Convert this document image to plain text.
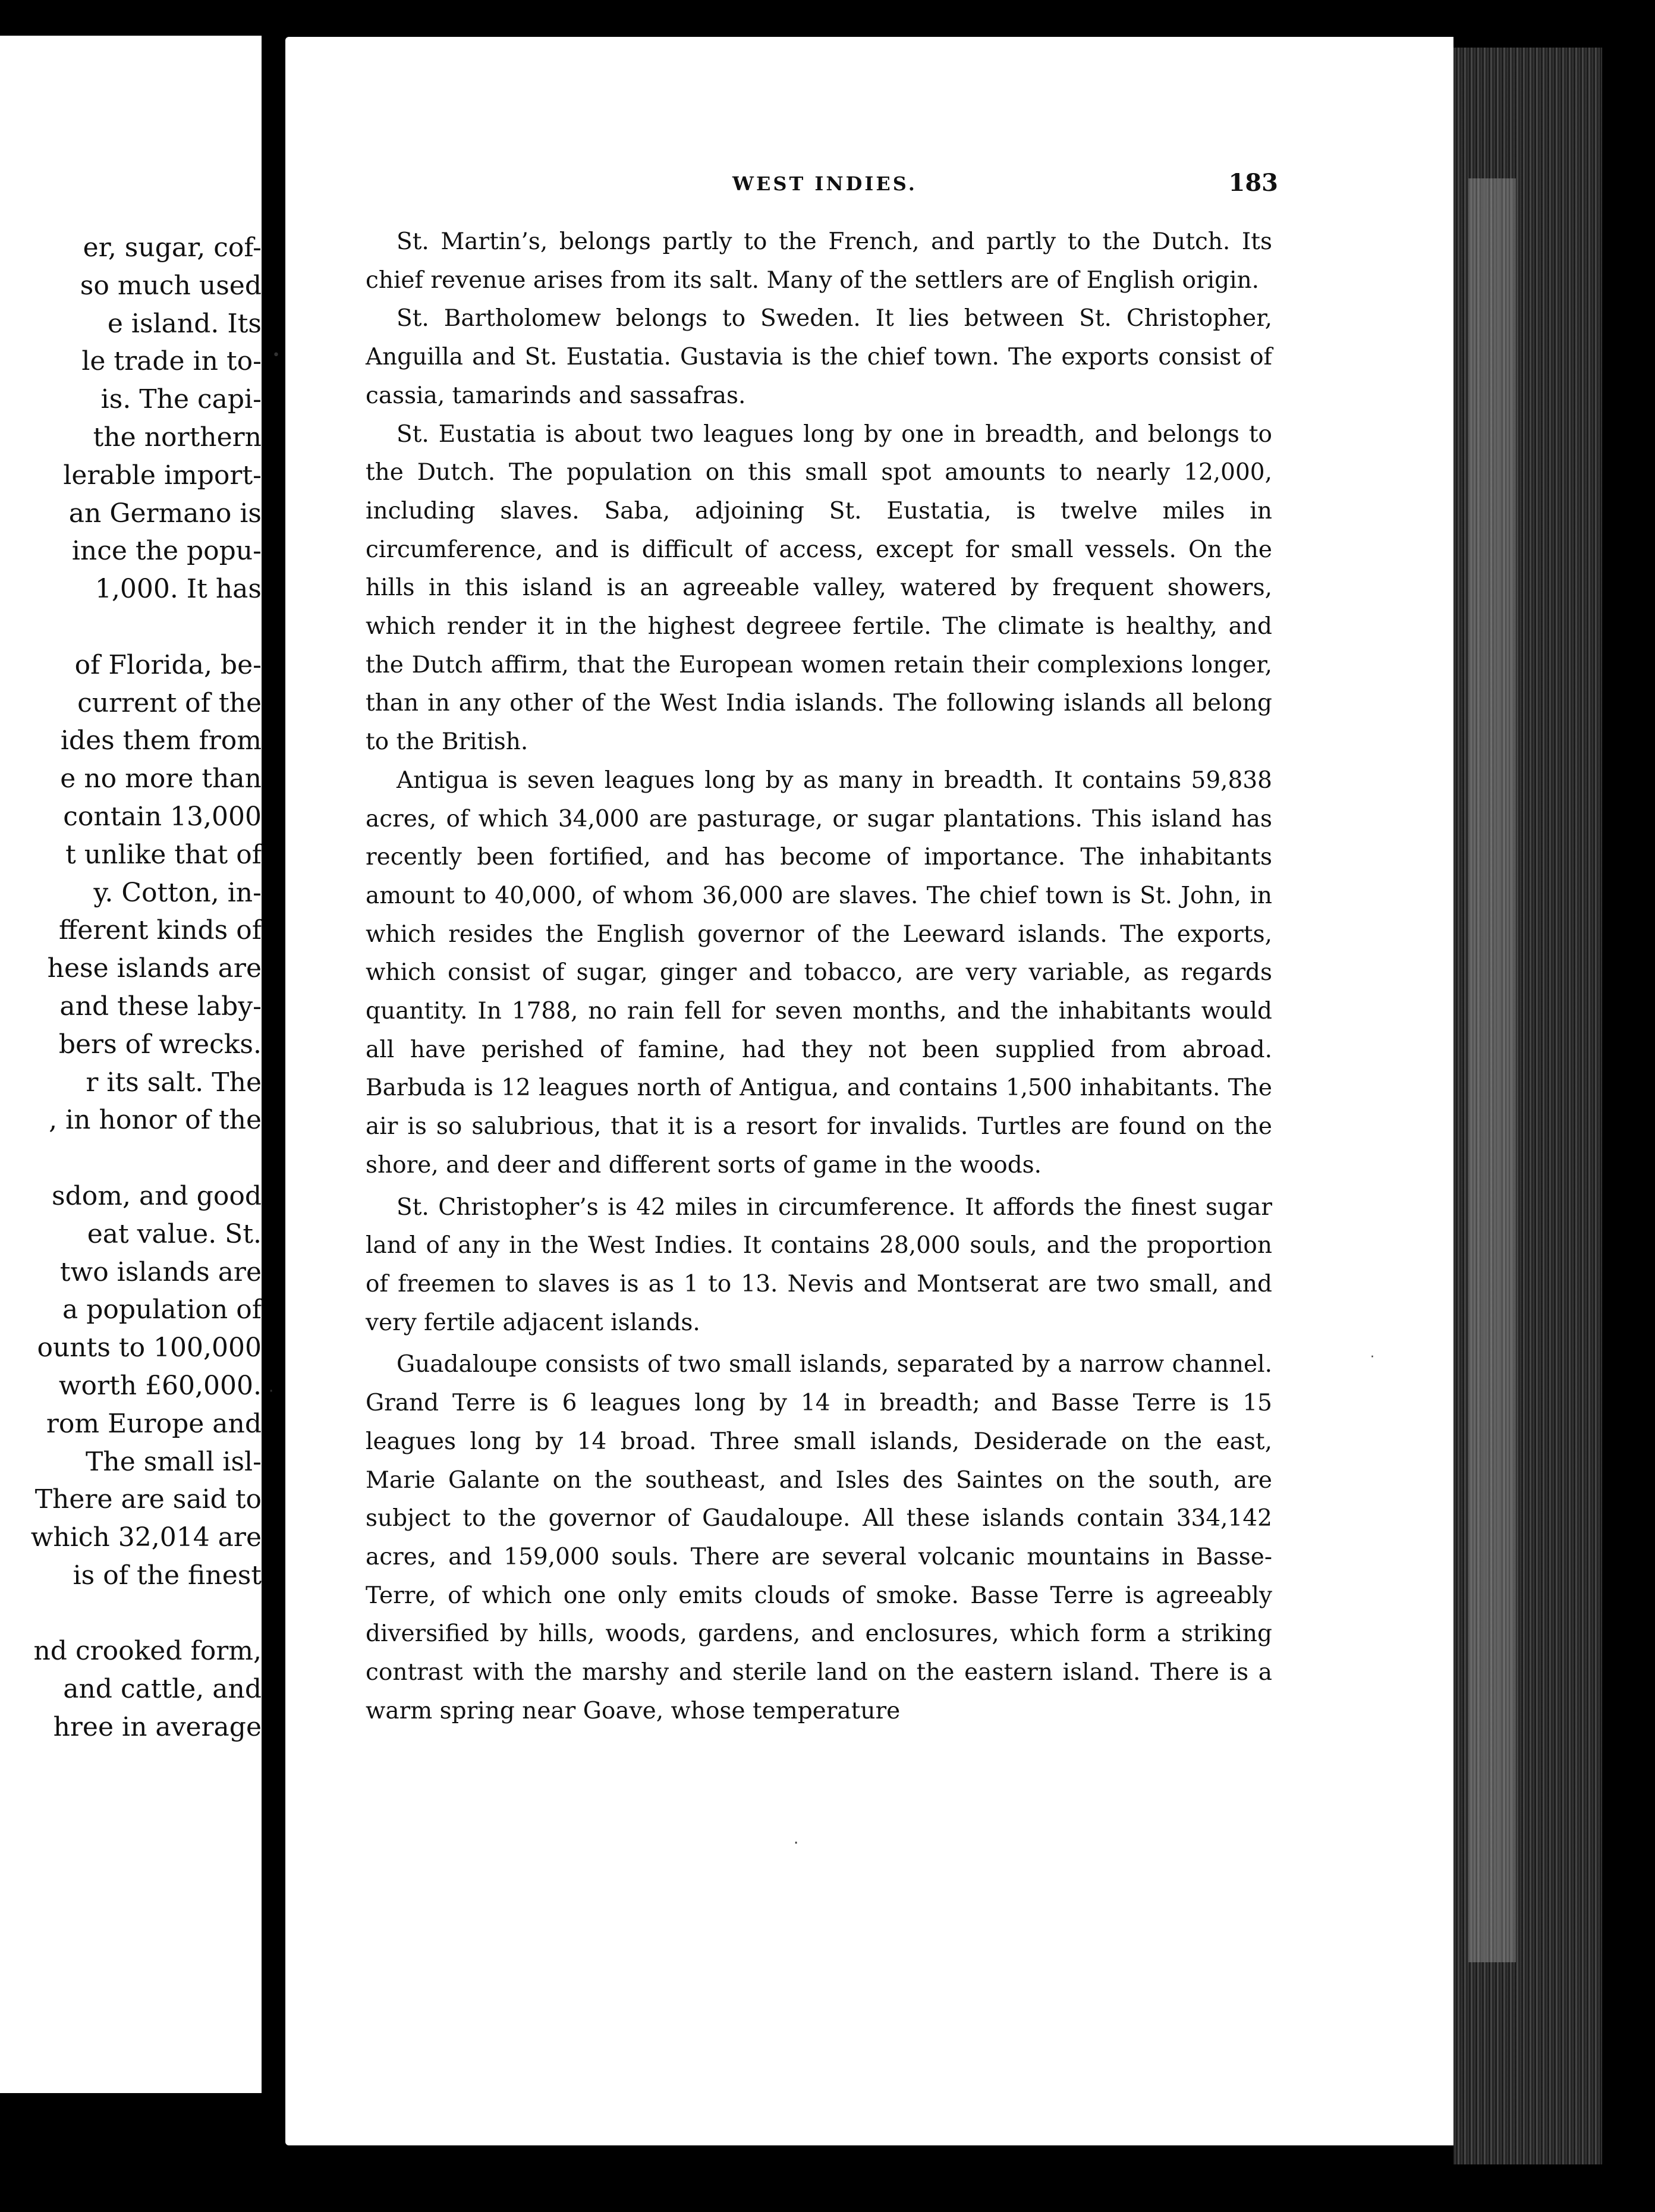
er, sugar, cof-
so much used
e island. Its
le trade in to-
is. The capi-
the northern
lerable import-
an Germano is
ince the popu-
1,000. It has
of Florida, be-
current of the
ides them from
e no more than
contain 13,000
t unlike that of
y. Cotton, in-
fferent kinds of
hese islands are
and these laby-
bers of wrecks.
r its salt. The
, in honor of the
sdom, and good
eat value. St.
two islands are
a population of
ounts to 100,000
worth £60,000.
rom Europe and
The small isl-
There are said to
which 32,014 are
is of the finest
nd crooked form,
and cattle, and
hree in average
WEST INDIES.	183

St. Martin’s, belongs partly to the French, and partly to the Dutch. Its chief revenue arises from its salt. Many of the settlers are of English origin.

St. Bartholomew belongs to Sweden. It lies between St. Christopher, Anguilla and St. Eustatia. Gustavia is the chief town. The exports consist of cassia, tamarinds and sassafras.

St. Eustatia is about two leagues long by one in breadth, and belongs to the Dutch. The population on this small spot amounts to nearly 12,000, including slaves. Saba, adjoining St. Eustatia, is twelve miles in circumference, and is difficult of access, except for small vessels. On the hills in this island is an agreeable valley, watered by frequent showers, which render it in the highest degreee fertile. The climate is healthy, and the Dutch affirm, that the European women retain their complexions longer, than in any other of the West India islands. The following islands all belong to the British.

Antigua is seven leagues long by as many in breadth. It contains 59,838 acres, of which 34,000 are pasturage, or sugar plantations. This island has recently been fortified, and has become of importance. The inhabitants amount to 40,000, of whom 36,000 are slaves. The chief town is St. John, in which resides the English governor of the Leeward islands. The exports, which consist of sugar, ginger and tobacco, are very variable, as regards quantity. In 1788, no rain fell for seven months, and the inhabitants would all have perished of famine, had they not been supplied from abroad. Barbuda is 12 leagues north of Antigua, and contains 1,500 inhabitants. The air is so salubrious, that it is a resort for invalids. Turtles are found on the shore, and deer and different sorts of game in the woods.

St. Christopher’s is 42 miles in circumference. It affords the finest sugar land of any in the West Indies. It contains 28,000 souls, and the proportion of freemen to slaves is as 1 to 13. Nevis and Montserat are two small, and very fertile adjacent islands.

Guadaloupe consists of two small islands, separated by a narrow channel. Grand Terre is 6 leagues long by 14 in breadth; and Basse Terre is 15 leagues long by 14 broad. Three small islands, Desiderade on the east, Marie Galante on the southeast, and Isles des Saintes on the south, are subject to the governor of Gaudaloupe. All these islands contain 334,142 acres, and 159,000 souls. There are several volcanic mountains in Basse-Terre, of which one only emits clouds of smoke. Basse Terre is agreeably diversified by hills, woods, gardens, and enclosures, which form a striking contrast with the marshy and sterile land on the eastern island. There is a warm spring near Goave, whose temperature

•
·
·
·
